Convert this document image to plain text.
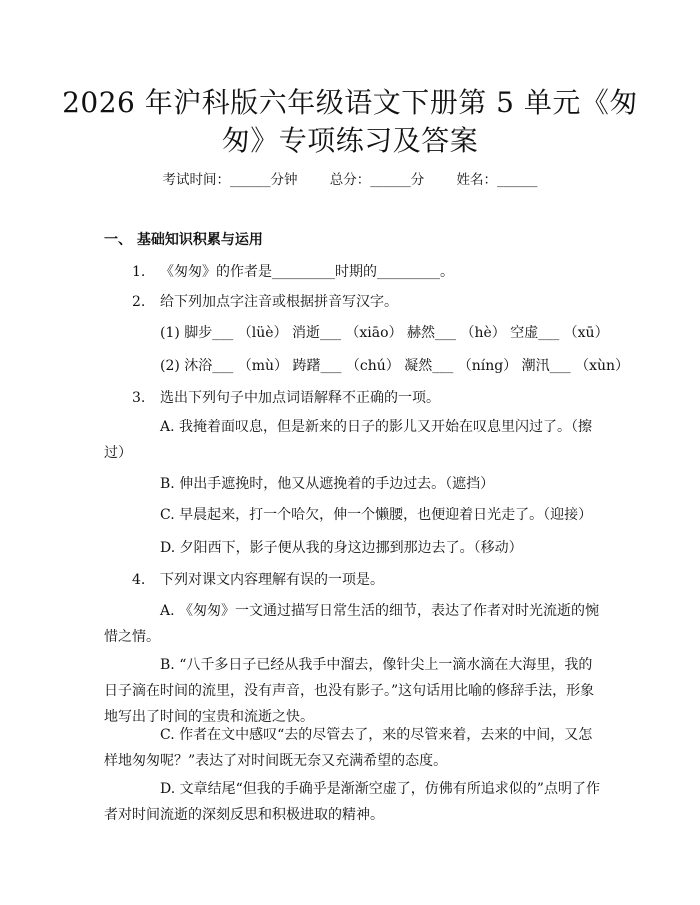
2026 年沪科版六年级语文下册第 5 单元《匆
匆》专项练习及答案
考试时间：______分钟 总分：______分 姓名：______
一、 基础知识积累与运用
1. 《匆匆》的作者是_________时期的_________。
2. 给下列加点字注音或根据拼音写汉字。
(1) 脚步___ （lüè） 消逝___ （xiāo） 赫然___ （hè） 空虚___ （xū）
(2) 沐浴___ （mù） 踌躇___ （chú） 凝然___ （níng） 潮汛___ （xùn）
3. 选出下列句子中加点词语解释不正确的一项。
A. 我掩着面叹息，但是新来的日子的影儿又开始在叹息里闪过了。（擦过）
B. 伸出手遮挽时，他又从遮挽着的手边过去。（遮挡）
C. 早晨起来，打一个哈欠，伸一个懒腰，也便迎着日光走了。（迎接）
D. 夕阳西下，影子便从我的身这边挪到那边去了。（移动）
4. 下列对课文内容理解有误的一项是。
A. 《匆匆》一文通过描写日常生活的细节，表达了作者对时光流逝的惋惜之情。
B. “八千多日子已经从我手中溜去，像针尖上一滴水滴在大海里，我的日子滴在时间的流里，没有声音，也没有影子。”这句话用比喻的修辞手法，形象地写出了时间的宝贵和流逝之快。
C. 作者在文中感叹“去的尽管去了，来的尽管来着，去来的中间，又怎样地匆匆呢？”表达了对时间既无奈又充满希望的态度。
D. 文章结尾“但我的手确乎是渐渐空虚了，仿佛有所追求似的”点明了作者对时间流逝的深刻反思和积极进取的精神。
